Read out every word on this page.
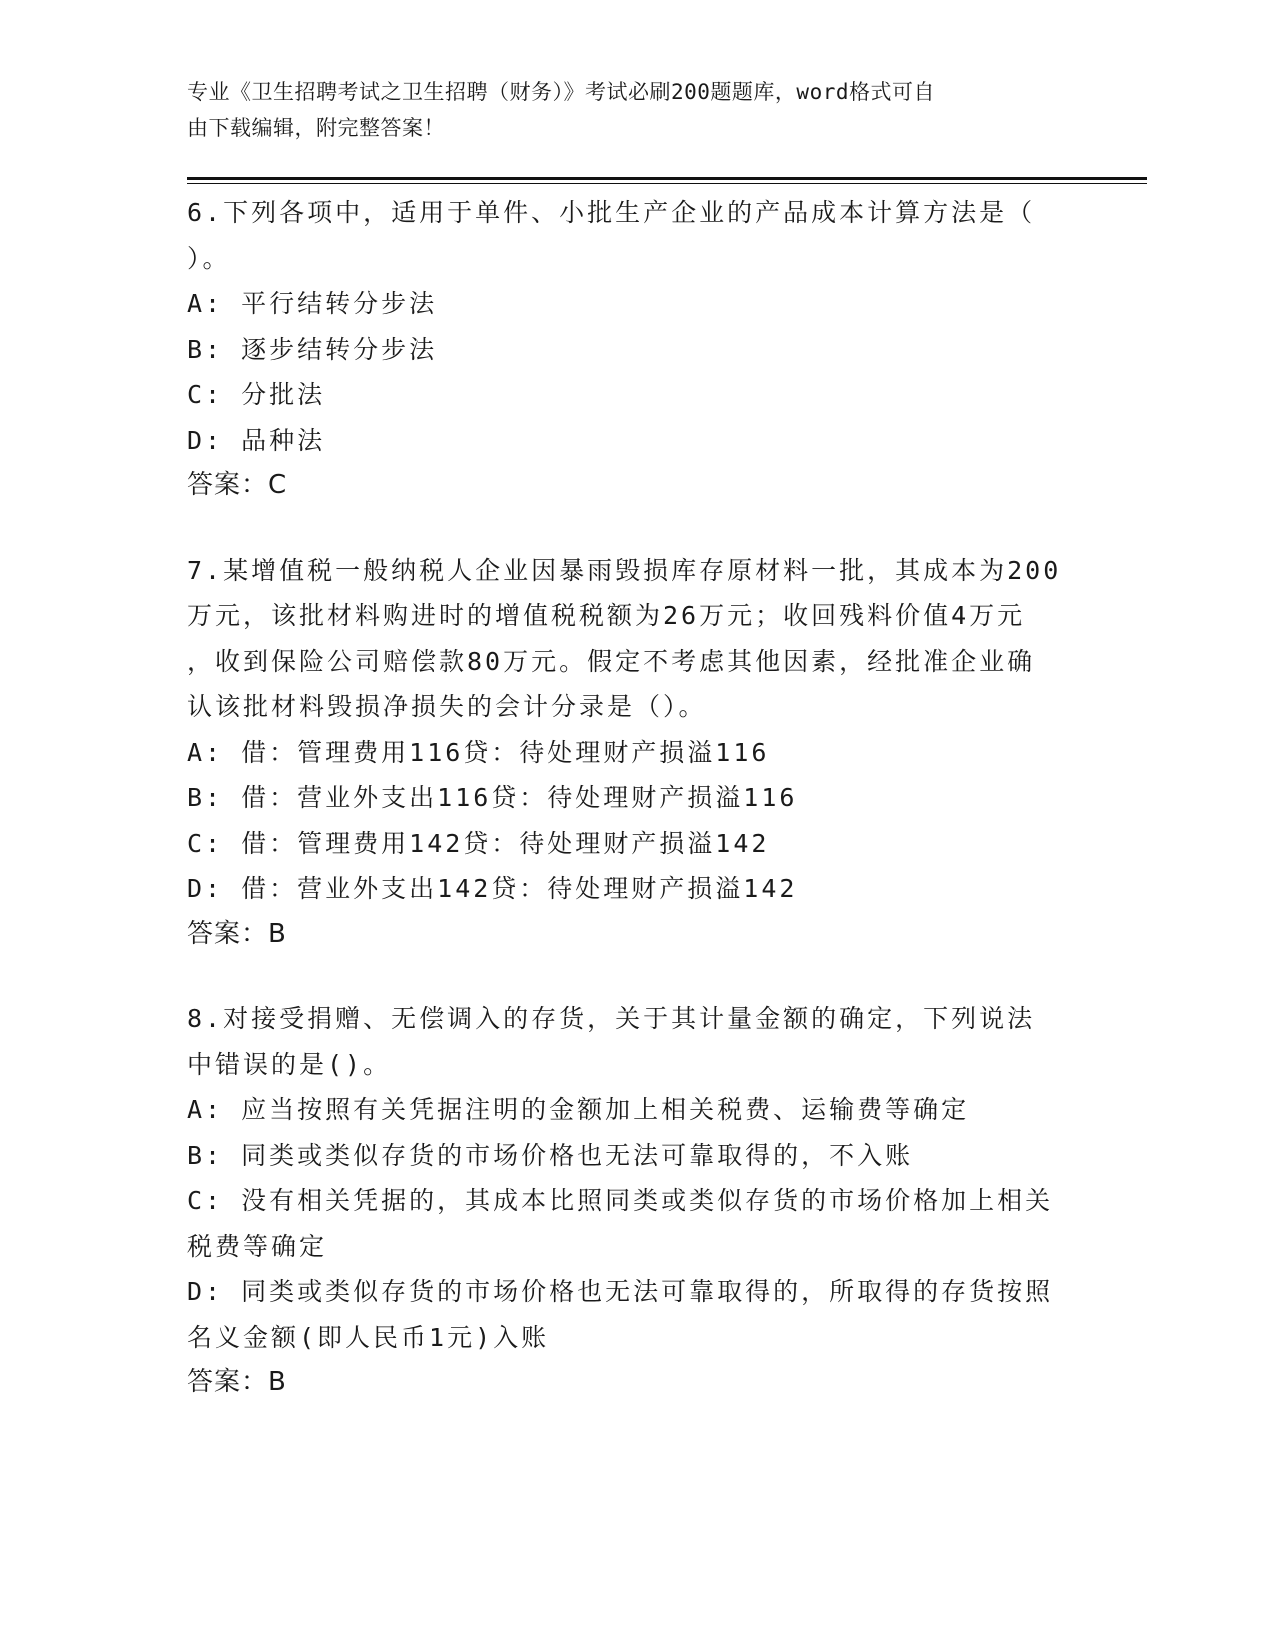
专业《卫生招聘考试之卫生招聘（财务）》考试必刷200题题库，word格式可自
由下载编辑，附完整答案！
6.下列各项中，适用于单件、小批生产企业的产品成本计算方法是（
）。
A: 平行结转分步法
B: 逐步结转分步法
C: 分批法
D: 品种法
答案：C
7.某增值税一般纳税人企业因暴雨毁损库存原材料一批，其成本为200
万元，该批材料购进时的增值税税额为26万元；收回残料价值4万元
，收到保险公司赔偿款80万元。假定不考虑其他因素，经批准企业确
认该批材料毁损净损失的会计分录是（）。
A: 借：管理费用116贷：待处理财产损溢116
B: 借：营业外支出116贷：待处理财产损溢116
C: 借：管理费用142贷：待处理财产损溢142
D: 借：营业外支出142贷：待处理财产损溢142
答案：B
8.对接受捐赠、无偿调入的存货，关于其计量金额的确定，下列说法
中错误的是()。
A: 应当按照有关凭据注明的金额加上相关税费、运输费等确定
B: 同类或类似存货的市场价格也无法可靠取得的，不入账
C: 没有相关凭据的，其成本比照同类或类似存货的市场价格加上相关
税费等确定
D: 同类或类似存货的市场价格也无法可靠取得的，所取得的存货按照
名义金额(即人民币1元)入账
答案：B
